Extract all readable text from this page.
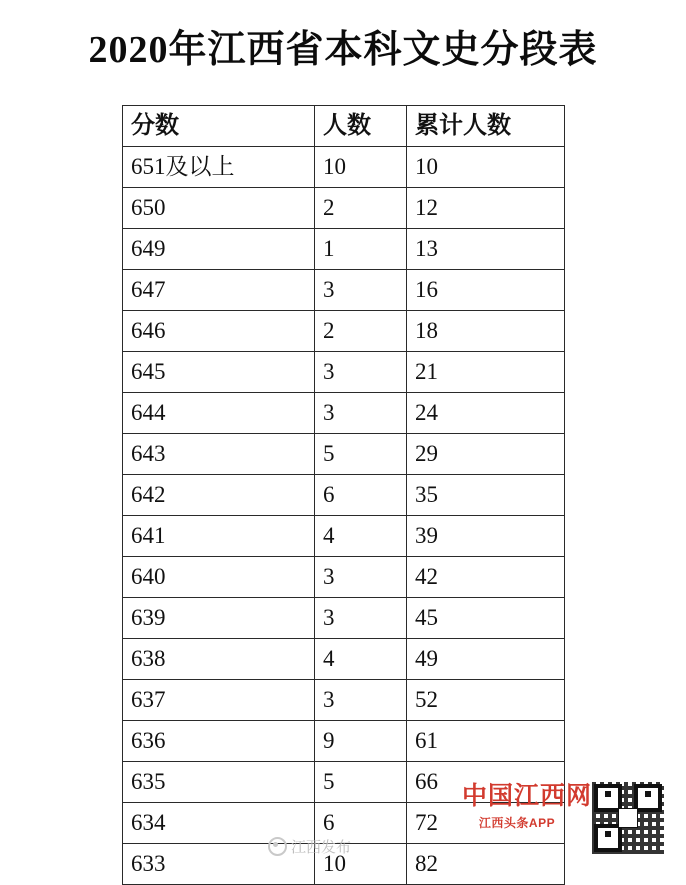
2020年江西省本科文史分段表
分数	人数	累计人数
651及以上	10	10
650	2	12
649	1	13
647	3	16
646	2	18
645	3	21
644	3	24
643	5	29
642	6	35
641	4	39
640	3	42
639	3	45
638	4	49
637	3	52
636	9	61
635	5	66
634	6	72
633	10	82
中国江西网
江西头条APP
江西发布
